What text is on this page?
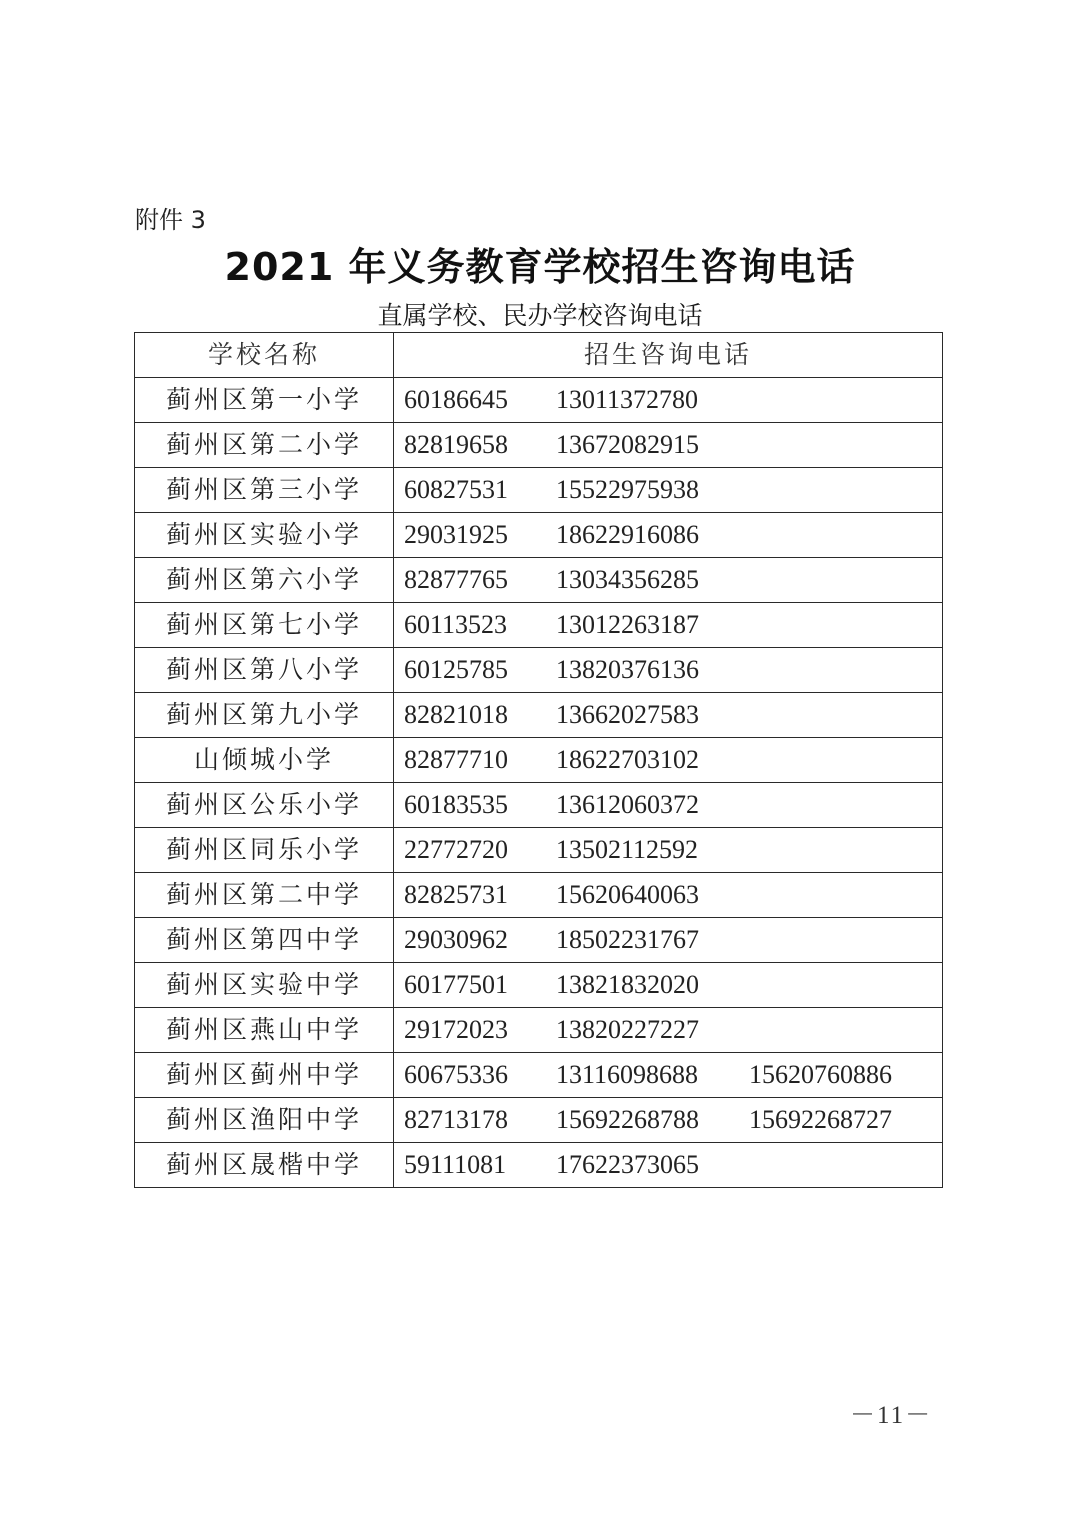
附件 3
2021 年义务教育学校招生咨询电话
直属学校、民办学校咨询电话
学校名称	招生咨询电话
蓟州区第一小学	60186645 13011372780
蓟州区第二小学	82819658 13672082915
蓟州区第三小学	60827531 15522975938
蓟州区实验小学	29031925 18622916086
蓟州区第六小学	82877765 13034356285
蓟州区第七小学	60113523 13012263187
蓟州区第八小学	60125785 13820376136
蓟州区第九小学	82821018 13662027583
山倾城小学	82877710 18622703102
蓟州区公乐小学	60183535 13612060372
蓟州区同乐小学	22772720 13502112592
蓟州区第二中学	82825731 15620640063
蓟州区第四中学	29030962 18502231767
蓟州区实验中学	60177501 13821832020
蓟州区燕山中学	29172023 13820227227
蓟州区蓟州中学	60675336 13116098688 15620760886
蓟州区渔阳中学	82713178 15692268788 15692268727
蓟州区晟楷中学	59111081 17622373065
－11－
